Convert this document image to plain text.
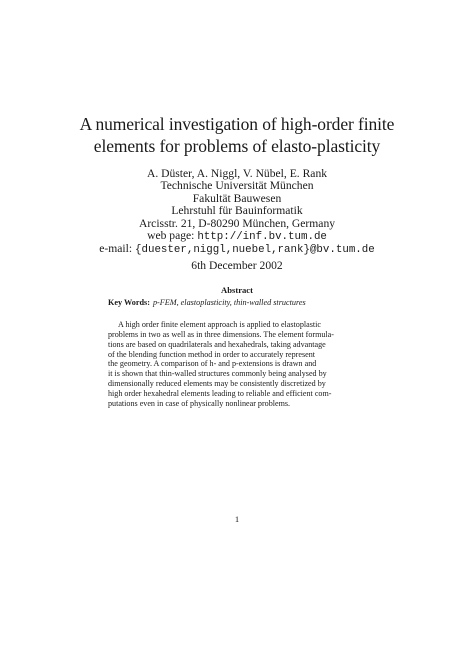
A numerical investigation of high-order finite
elements for problems of elasto-plasticity
A. Düster, A. Niggl, V. Nübel, E. Rank
Technische Universität München
Fakultät Bauwesen
Lehrstuhl für Bauinformatik
Arcisstr. 21, D-80290 München, Germany
web page: http://inf.bv.tum.de
e-mail: {duester,niggl,nuebel,rank}@bv.tum.de
6th December 2002
Abstract
Key Words: p-FEM, elastoplasticity, thin-walled structures
A high order finite element approach is applied to elastoplastic
problems in two as well as in three dimensions. The element formula-
tions are based on quadrilaterals and hexahedrals, taking advantage
of the blending function method in order to accurately represent
the geometry. A comparison of h- and p-extensions is drawn and
it is shown that thin-walled structures commonly being analysed by
dimensionally reduced elements may be consistently discretized by
high order hexahedral elements leading to reliable and efficient com-
putations even in case of physically nonlinear problems.
1
